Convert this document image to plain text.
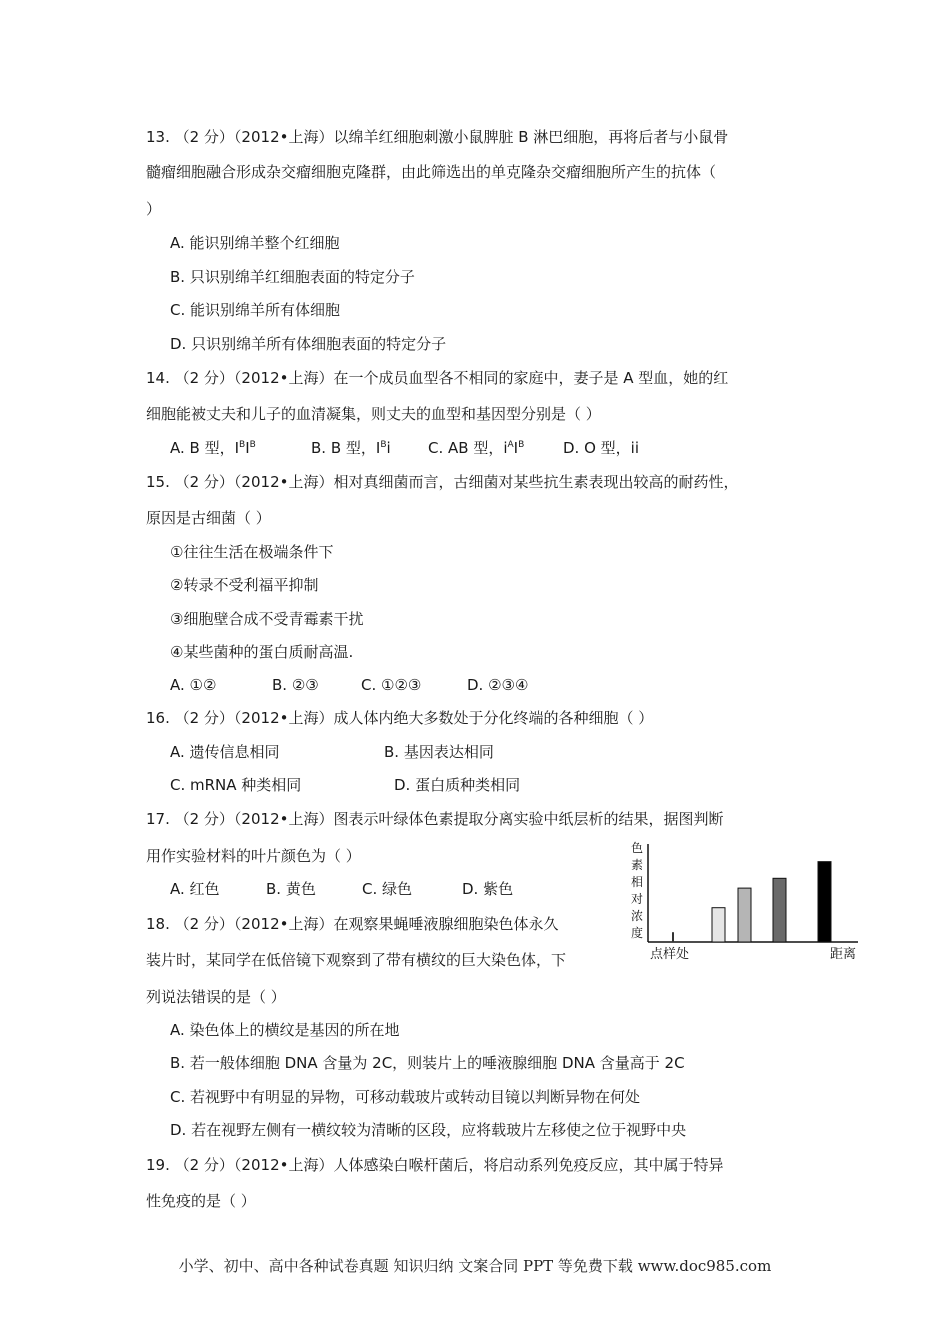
13. （2 分）（2012•上海）以绵羊红细胞刺激小鼠脾脏 B 淋巴细胞，再将后者与小鼠骨
髓瘤细胞融合形成杂交瘤细胞克隆群，由此筛选出的单克隆杂交瘤细胞所产生的抗体（
）
A. 能识别绵羊整个红细胞
B. 只识别绵羊红细胞表面的特定分子
C. 能识别绵羊所有体细胞
D. 只识别绵羊所有体细胞表面的特定分子
14. （2 分）（2012•上海）在一个成员血型各不相同的家庭中，妻子是 A 型血，她的红
细胞能被丈夫和儿子的血清凝集，则丈夫的血型和基因型分别是（ ）
A. B 型，$I^BI^B$	B. B 型，$I^Bi$ C. AB 型，$i^AI^B$	D. O 型，ii
15. （2 分）（2012•上海）相对真细菌而言，古细菌对某些抗生素表现出较高的耐药性，
原因是古细菌（ ）
①往往生活在极端条件下
②转录不受利福平抑制
③细胞壁合成不受青霉素干扰
④某些菌种的蛋白质耐高温.
A. ①②	B. ②③	C. ①②③	D. ②③④
16. （2 分）（2012•上海）成人体内绝大多数处于分化终端的各种细胞（ ）
A. 遗传信息相同	B. 基因表达相同
C. mRNA 种类相同	D. 蛋白质种类相同
17. （2 分）（2012•上海）图表示叶绿体色素提取分离实验中纸层析的结果，据图判断
用作实验材料的叶片颜色为（ ）
A. 红色	B. 黄色	C. 绿色	D. 紫色
色素相对浓度
点样处	距离
18. （2 分）（2012•上海）在观察果蝇唾液腺细胞染色体永久
装片时，某同学在低倍镜下观察到了带有横纹的巨大染色体，下
列说法错误的是（ ）
A. 染色体上的横纹是基因的所在地
B. 若一般体细胞 DNA 含量为 2C，则装片上的唾液腺细胞 DNA 含量高于 2C
C. 若视野中有明显的异物，可移动载玻片或转动目镜以判断异物在何处
D. 若在视野左侧有一横纹较为清晰的区段，应将载玻片左移使之位于视野中央
19. （2 分）（2012•上海）人体感染白喉杆菌后，将启动系列免疫反应，其中属于特异
性免疫的是（ ）
小学、初中、高中各种试卷真题 知识归纳 文案合同 PPT 等免费下载 www.doc985.com
